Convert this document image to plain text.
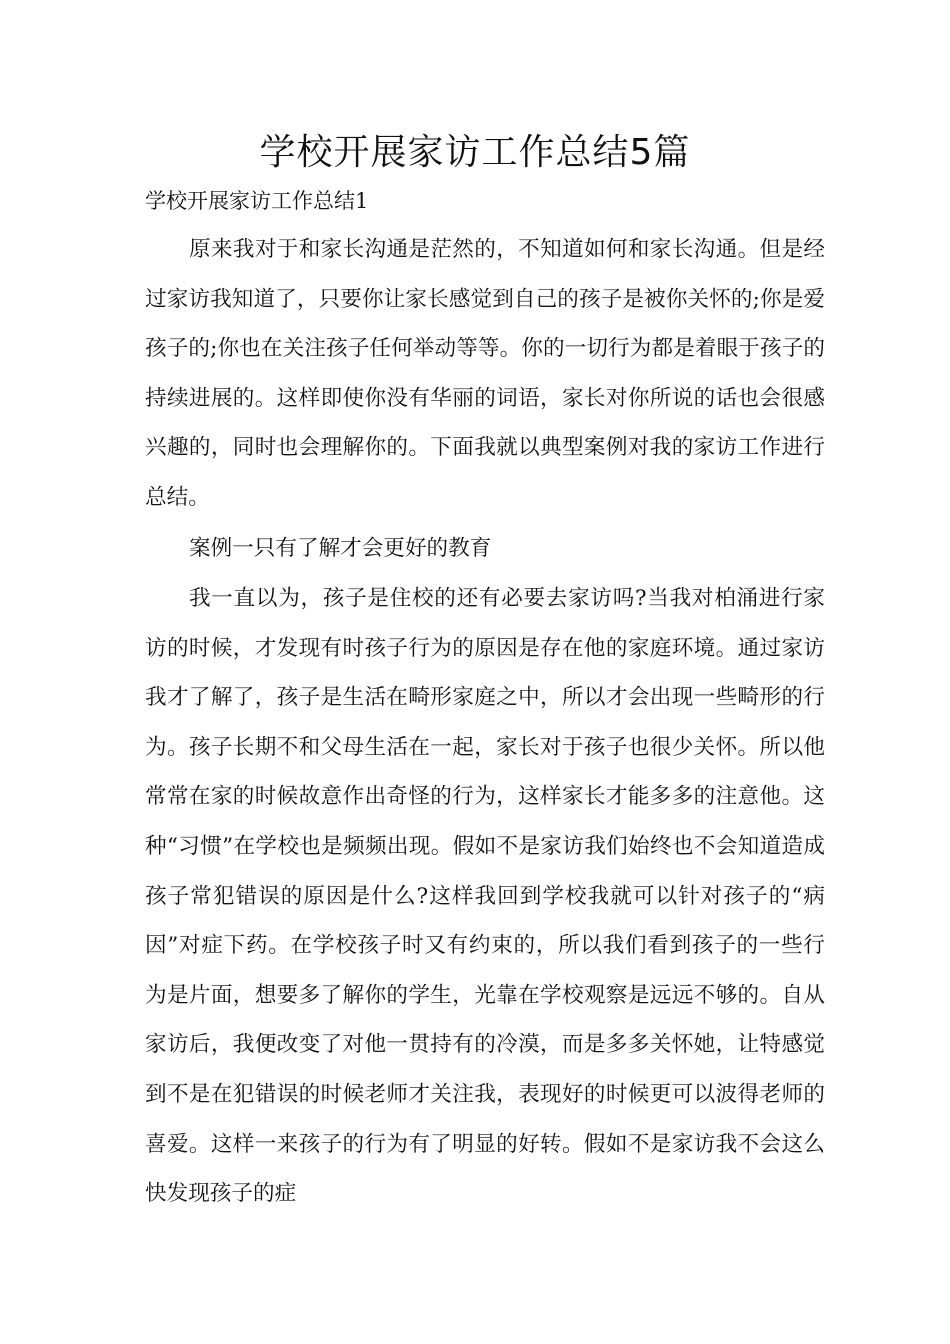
学校开展家访工作总结5篇

学校开展家访工作总结1

原来我对于和家长沟通是茫然的，不知道如何和家长沟通。但是经过家访我知道了，只要你让家长感觉到自己的孩子是被你关怀的;你是爱孩子的;你也在关注孩子任何举动等等。你的一切行为都是着眼于孩子的持续进展的。这样即使你没有华丽的词语，家长对你所说的话也会很感兴趣的，同时也会理解你的。下面我就以典型案例对我的家访工作进行总结。

案例一只有了解才会更好的教育

我一直以为，孩子是住校的还有必要去家访吗?当我对柏涌进行家访的时候，才发现有时孩子行为的原因是存在他的家庭环境。通过家访我才了解了，孩子是生活在畸形家庭之中，所以才会出现一些畸形的行为。孩子长期不和父母生活在一起，家长对于孩子也很少关怀。所以他常常在家的时候故意作出奇怪的行为，这样家长才能多多的注意他。这种“习惯”在学校也是频频出现。假如不是家访我们始终也不会知道造成孩子常犯错误的原因是什么?这样我回到学校我就可以针对孩子的“病因”对症下药。在学校孩子时又有约束的，所以我们看到孩子的一些行为是片面，想要多了解你的学生，光靠在学校观察是远远不够的。自从家访后，我便改变了对他一贯持有的冷漠，而是多多关怀她，让特感觉到不是在犯错误的时候老师才关注我，表现好的时候更可以波得老师的喜爱。这样一来孩子的行为有了明显的好转。假如不是家访我不会这么快发现孩子的症
